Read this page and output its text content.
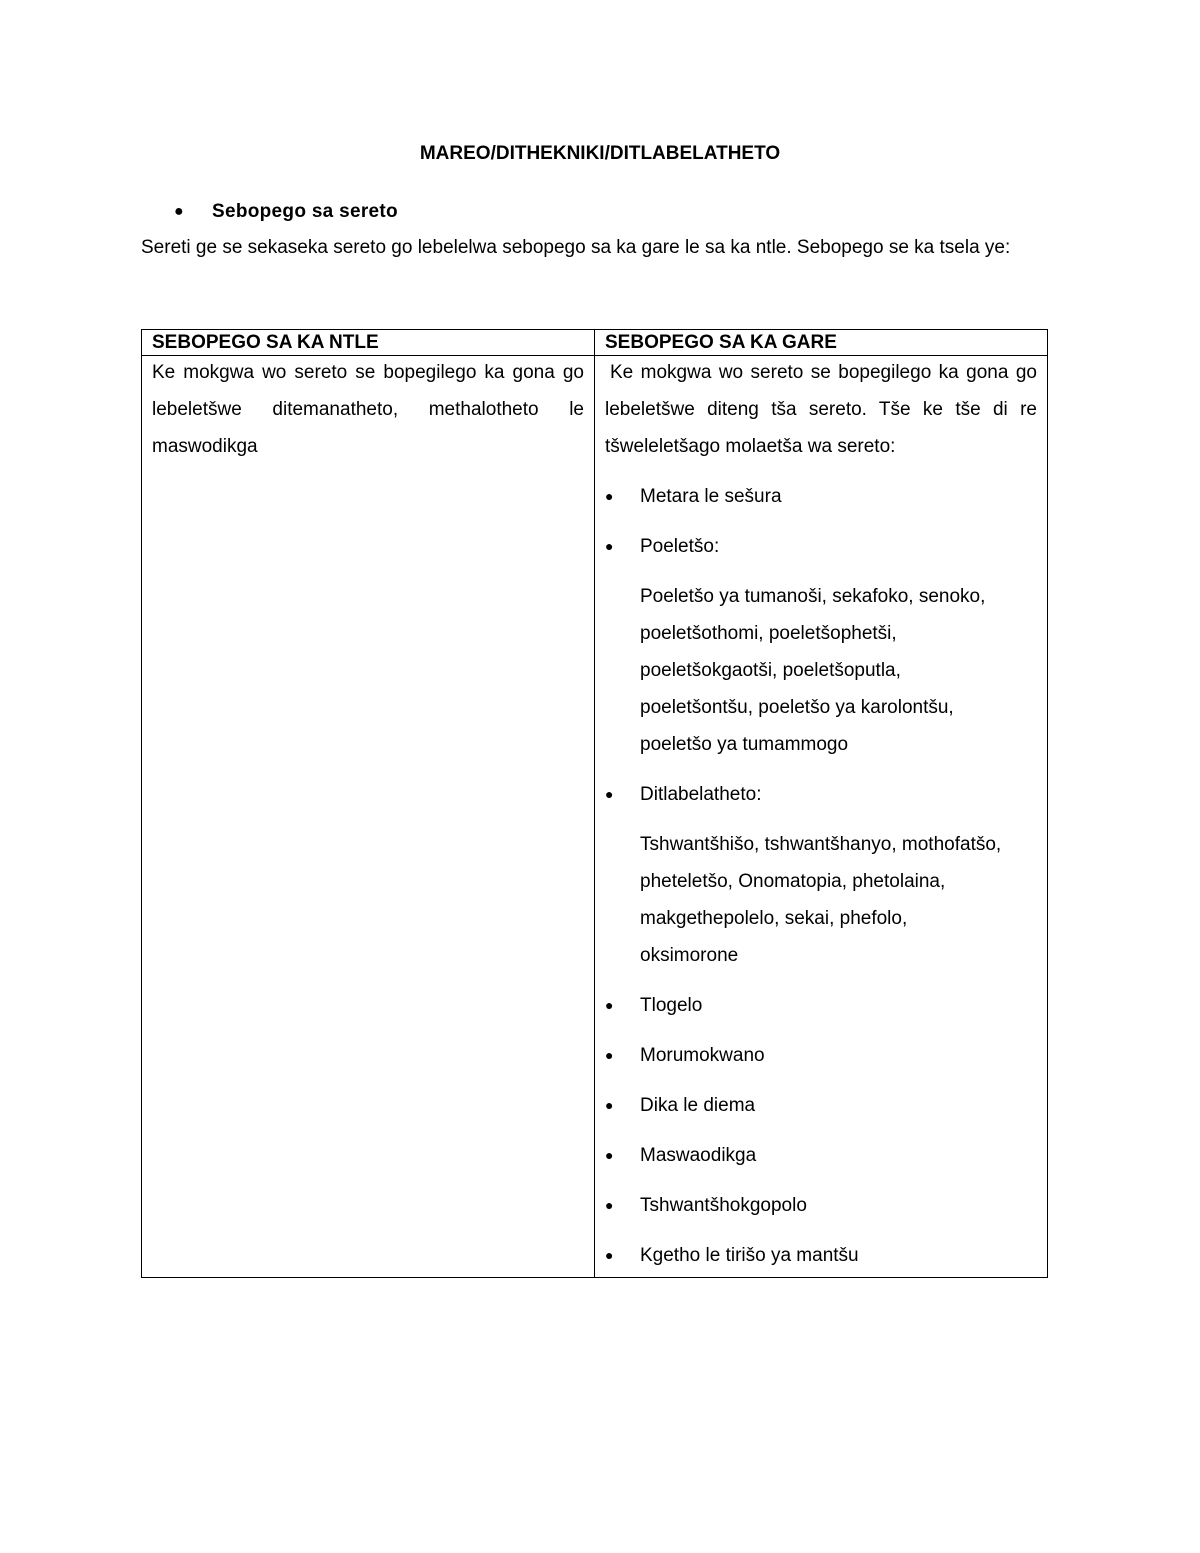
MAREO/DITHEKNIKI/DITLABELATHETO
● Sebopego sa sereto
Sereti ge se sekaseka sereto go lebelelwa sebopego sa ka gare le sa ka ntle. Sebopego se ka tsela ye:
SEBOPEGO SA KA NTLE
Ke mokgwa wo sereto se bopegilego ka gona go lebeletšwe ditemanatheto, methalotheto le maswodikga
SEBOPEGO SA KA GARE
Ke mokgwa wo sereto se bopegilego ka gona go lebeletšwe diteng tša sereto. Tše ke tše di re tšweleletšago molaetša wa sereto:
● Metara le sešura
● Poeletšo:
Poeletšo ya tumanoši, sekafoko, senoko, poeletšothomi, poeletšophetši, poeletšokgaotši, poeletšoputla, poeletšontšu, poeletšo ya karolontšu, poeletšo ya tumammogo
● Ditlabelatheto:
Tshwantšhišo, tshwantšhanyo, mothofatšo, pheteletšo, Onomatopia, phetolaina, makgethepolelo, sekai, phefolo, oksimorone
● Tlogelo
● Morumokwano
● Dika le diema
● Maswaodikga
● Tshwantšhokgopolo
● Kgetho le tirišo ya mantšu
